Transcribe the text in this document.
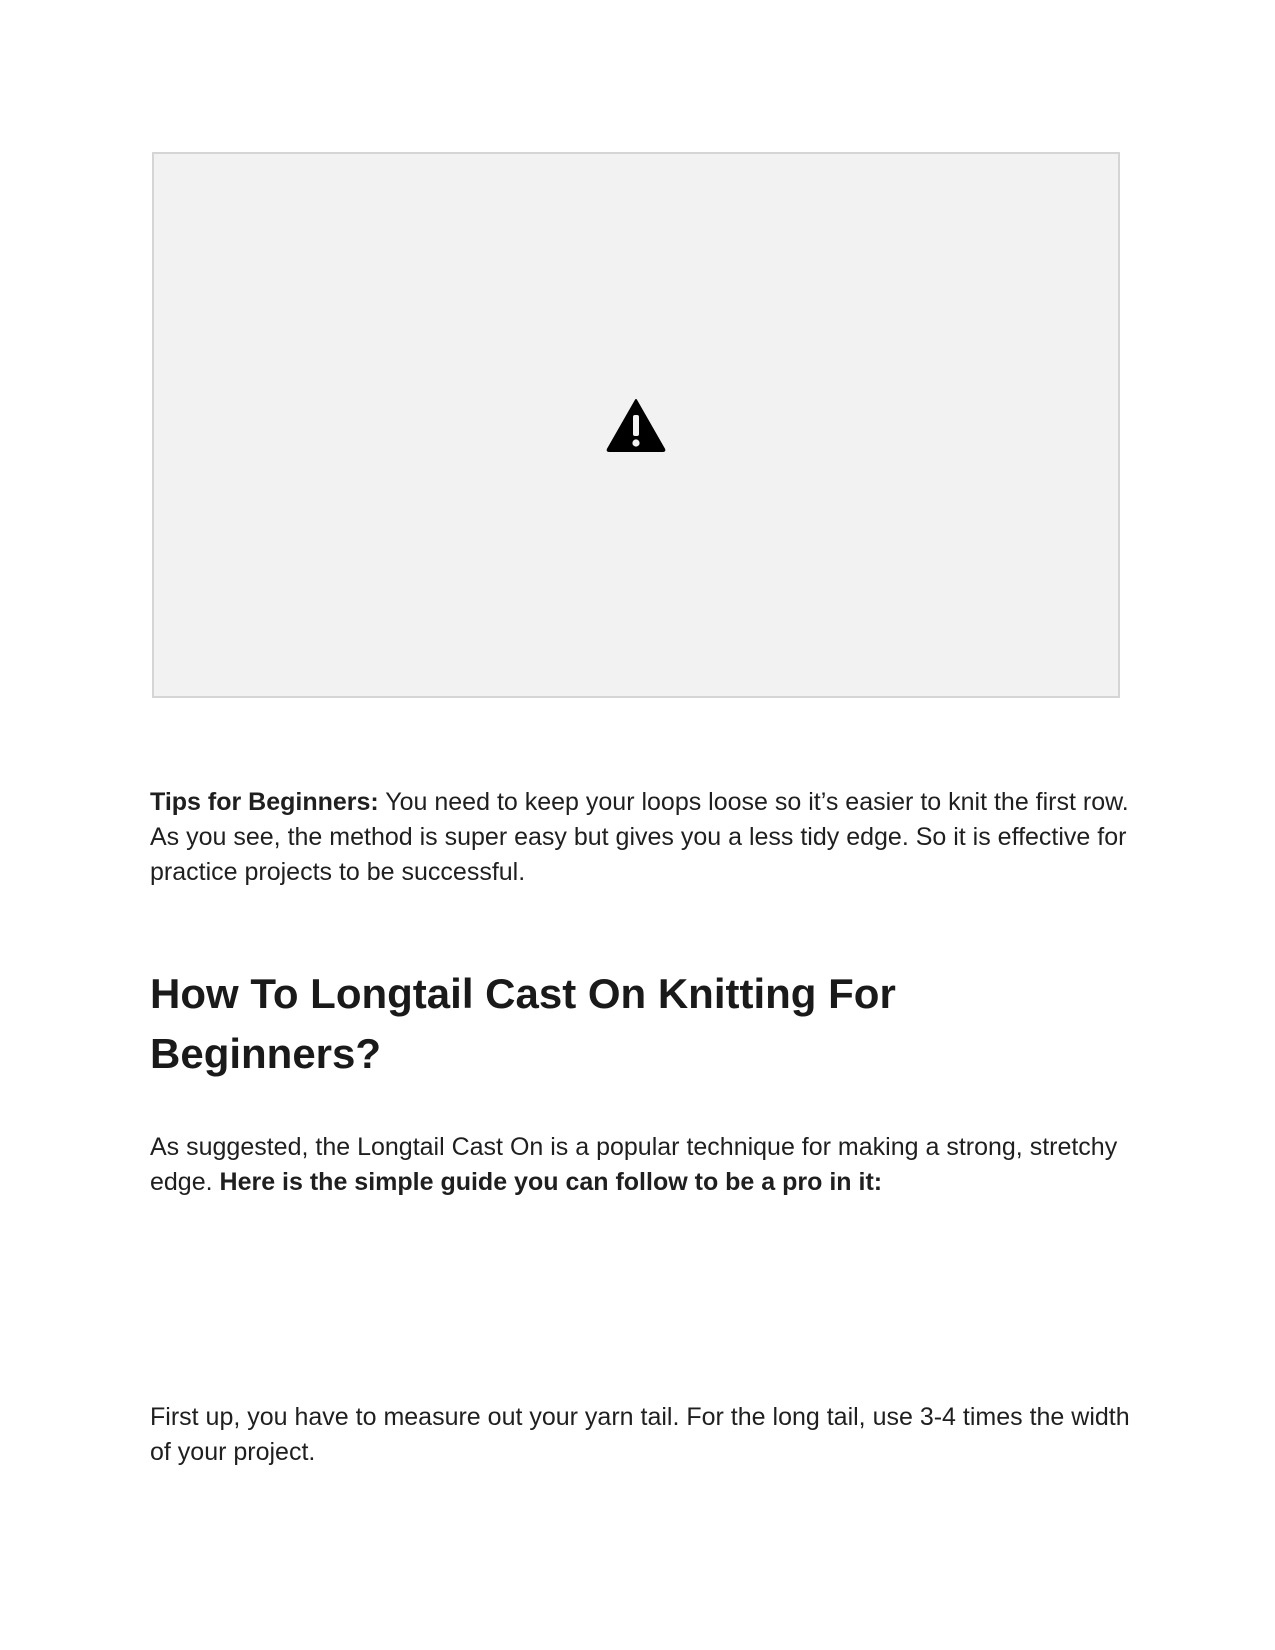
Tips for Beginners: You need to keep your loops loose so it’s easier to knit the first row. As you see, the method is super easy but gives you a less tidy edge. So it is effective for practice projects to be successful.

How To Longtail Cast On Knitting For Beginners?

As suggested, the Longtail Cast On is a popular technique for making a strong, stretchy edge. Here is the simple guide you can follow to be a pro in it:

First up, you have to measure out your yarn tail. For the long tail, use 3-4 times the width of your project.
